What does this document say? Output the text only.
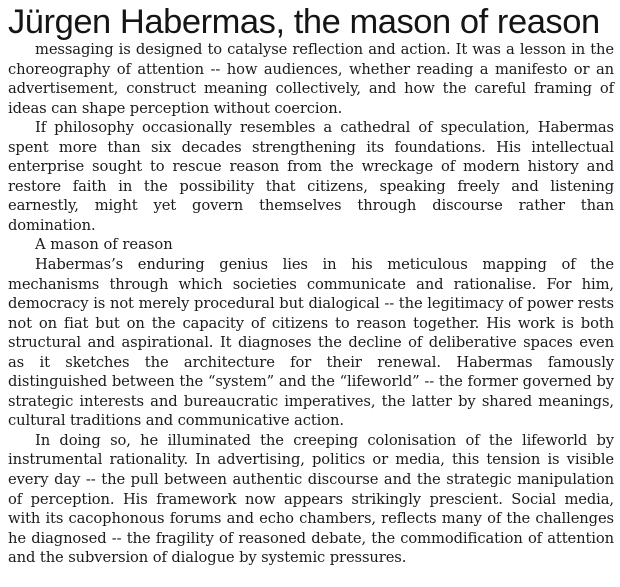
Jürgen Habermas, the mason of reason

messaging is designed to catalyse reflection and action. It was a lesson in the choreography of attention -- how audiences, whether reading a manifesto or an advertisement, construct meaning collectively, and how the careful framing of ideas can shape perception without coercion.

If philosophy occasionally resembles a cathedral of speculation, Habermas spent more than six decades strengthening its foundations. His intellectual enterprise sought to rescue reason from the wreckage of modern history and restore faith in the possibility that citizens, speaking freely and listening earnestly, might yet govern themselves through discourse rather than domination.

A mason of reason

Habermas’s enduring genius lies in his meticulous mapping of the mechanisms through which societies communicate and rationalise. For him, democracy is not merely procedural but dialogical -- the legitimacy of power rests not on fiat but on the capacity of citizens to reason together. His work is both structural and aspirational. It diagnoses the decline of deliberative spaces even as it sketches the architecture for their renewal. Habermas famously distinguished between the “system” and the “lifeworld” -- the former governed by strategic interests and bureaucratic imperatives, the latter by shared meanings, cultural traditions and communicative action.

In doing so, he illuminated the creeping colonisation of the lifeworld by instrumental rationality. In advertising, politics or media, this tension is visible every day -- the pull between authentic discourse and the strategic manipulation of perception. His framework now appears strikingly prescient. Social media, with its cacophonous forums and echo chambers, reflects many of the challenges he diagnosed -- the fragility of reasoned debate, the commodification of attention and the subversion of dialogue by systemic pressures.
